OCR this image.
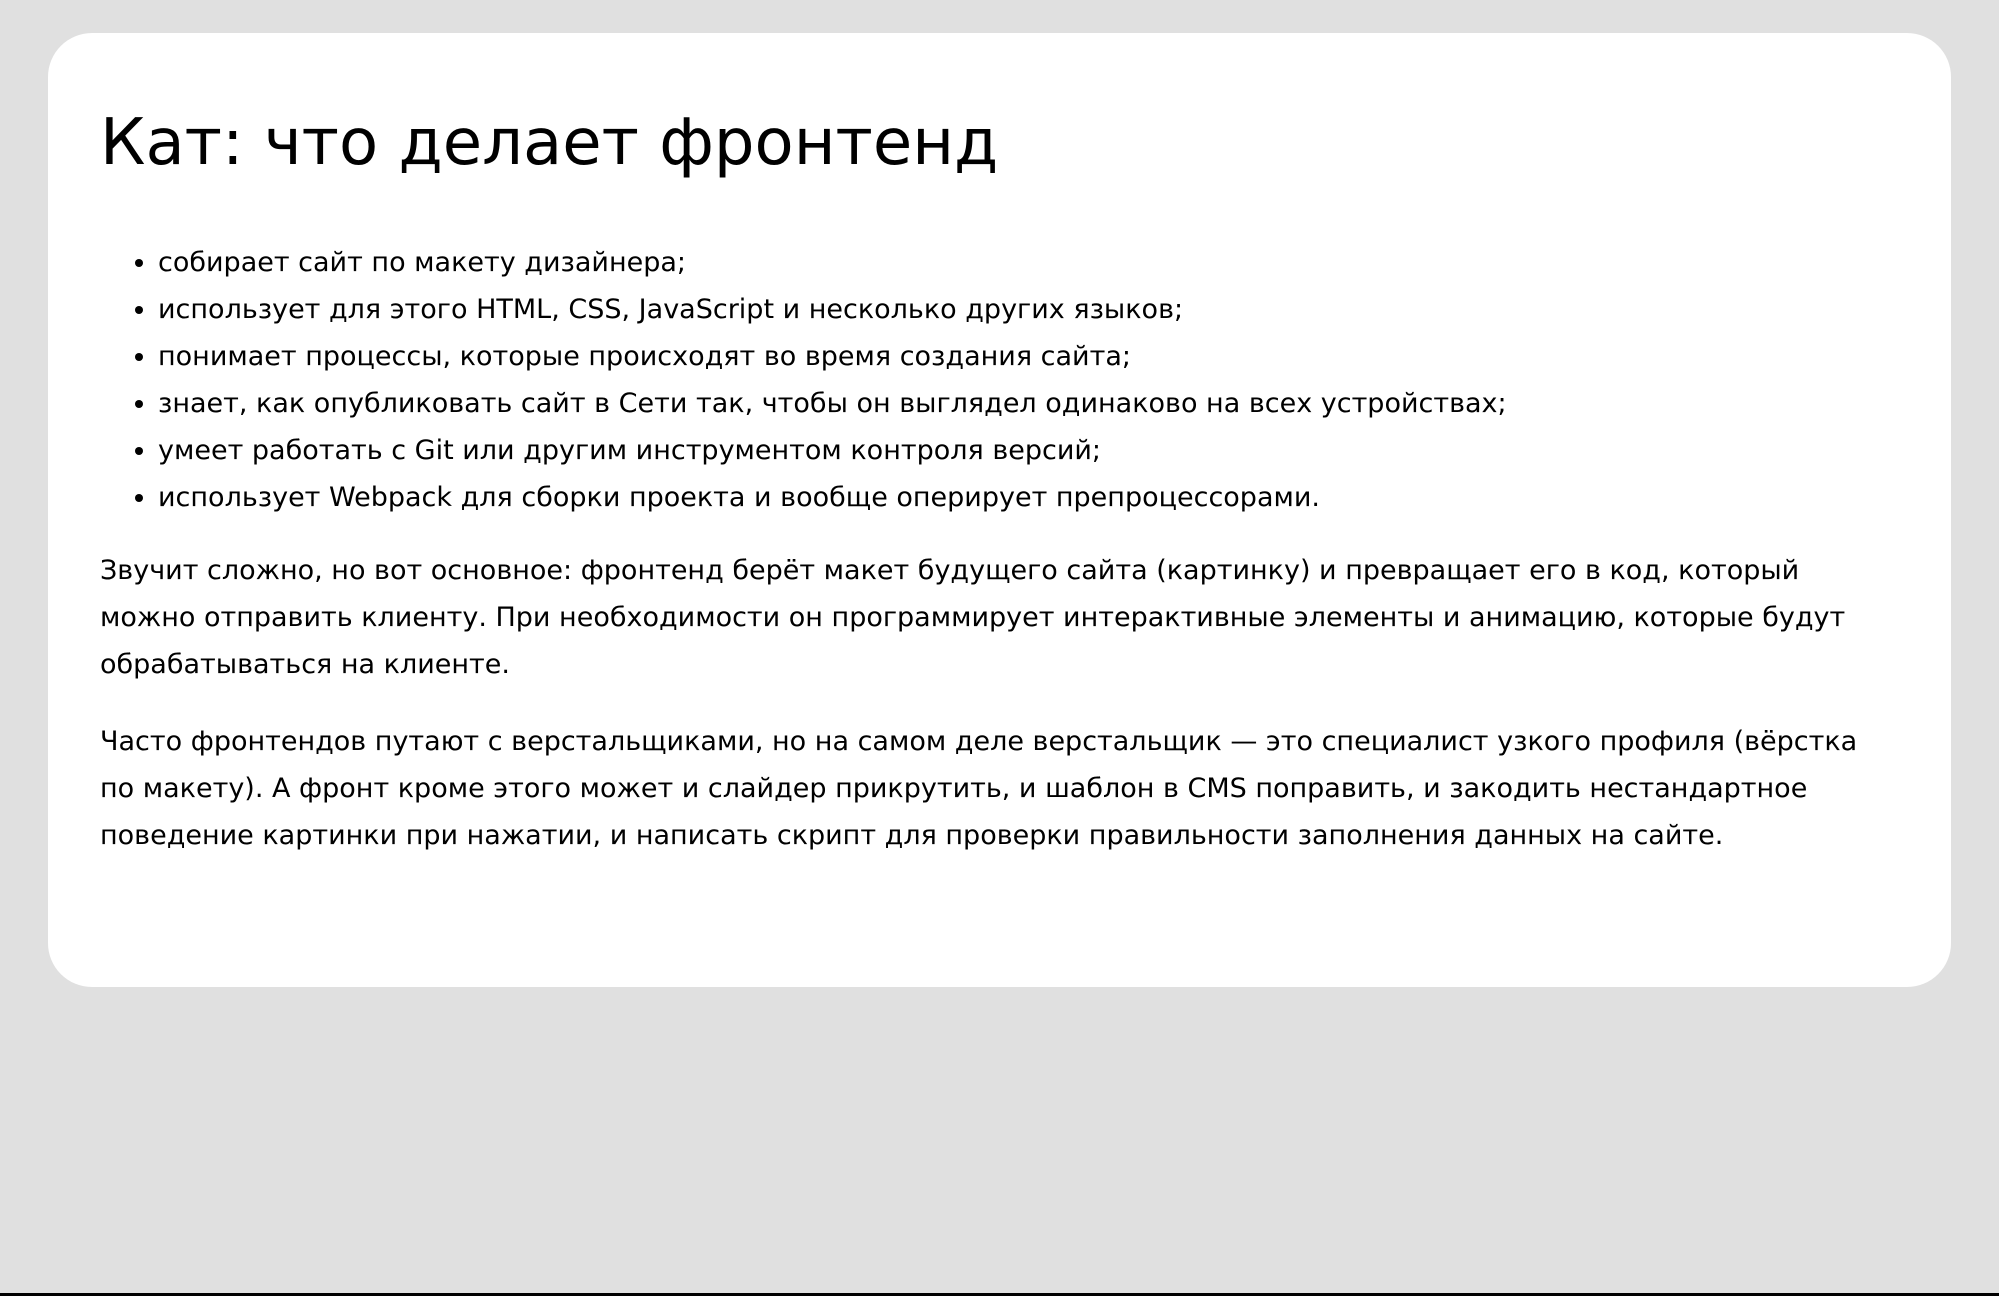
Кат: что делает фронтенд
• собирает сайт по макету дизайнера;
• использует для этого HTML, CSS, JavaScript и несколько других языков;
• понимает процессы, которые происходят во время создания сайта;
• знает, как опубликовать сайт в Сети так, чтобы он выглядел одинаково на всех устройствах;
• умеет работать с Git или другим инструментом контроля версий;
• использует Webpack для сборки проекта и вообще оперирует препроцессорами.

Звучит сложно, но вот основное: фронтенд берёт макет будущего сайта (картинку) и превращает его в код, который можно отправить клиенту. При необходимости он программирует интерактивные элементы и анимацию, которые будут обрабатываться на клиенте.

Часто фронтендов путают с верстальщиками, но на самом деле верстальщик — это специалист узкого профиля (вёрстка по макету). А фронт кроме этого может и слайдер прикрутить, и шаблон в CMS поправить, и закодить нестандартное поведение картинки при нажатии, и написать скрипт для проверки правильности заполнения данных на сайте.
